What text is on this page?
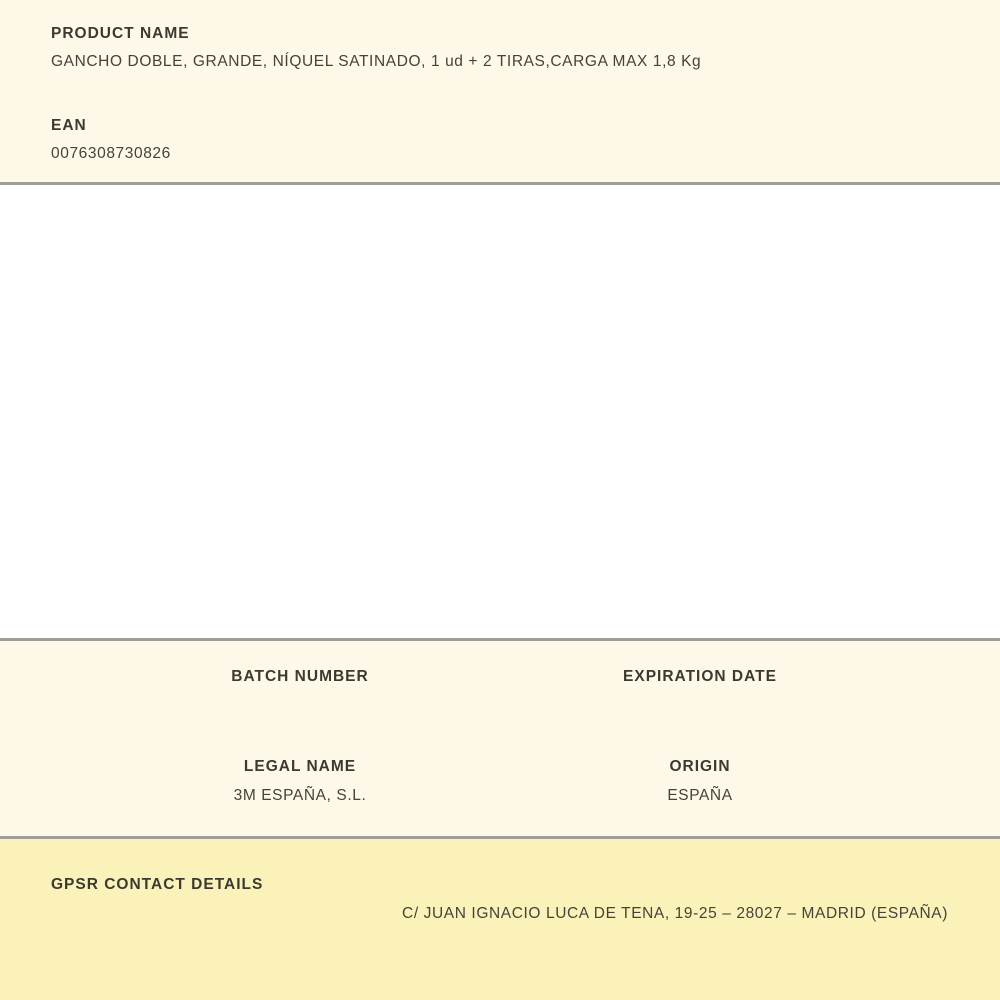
PRODUCT NAME
GANCHO DOBLE, GRANDE, NÍQUEL SATINADO, 1 ud + 2 TIRAS,CARGA MAX 1,8 Kg
EAN
0076308730826
BATCH NUMBER	EXPIRATION DATE
LEGAL NAME
3M ESPAÑA, S.L.
ORIGIN
ESPAÑA
GPSR CONTACT DETAILS
C/ JUAN IGNACIO LUCA DE TENA, 19-25 – 28027 – MADRID (ESPAÑA)
